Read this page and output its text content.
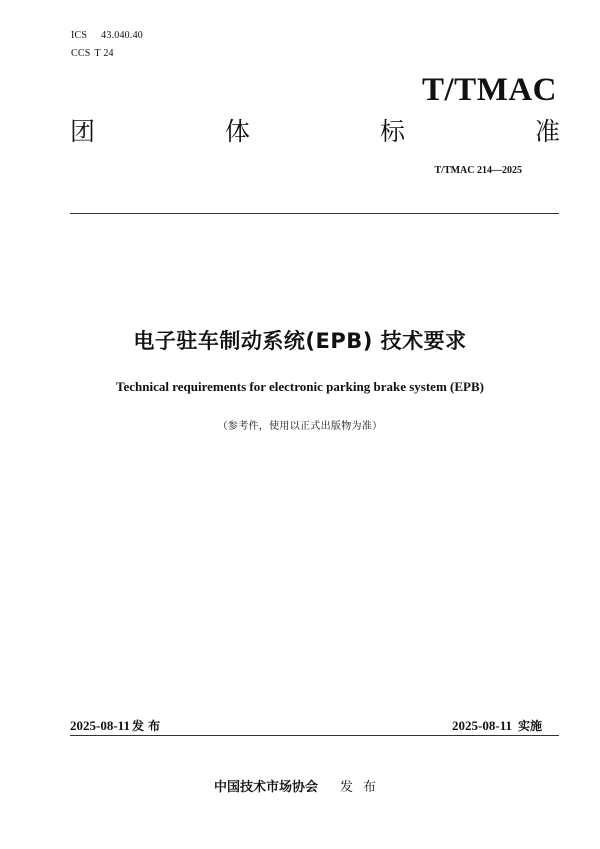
ICS 43.040.40
CCS T 24
T/TMAC
团	体	标	准
T/TMAC 214—2025
电子驻车制动系统(EPB) 技术要求
Technical requirements for electronic parking brake system (EPB)
（参考件，使用以正式出版物为准）
2025-08-11 发 布	2025-08-11 实施
中国技术市场协会 发布
